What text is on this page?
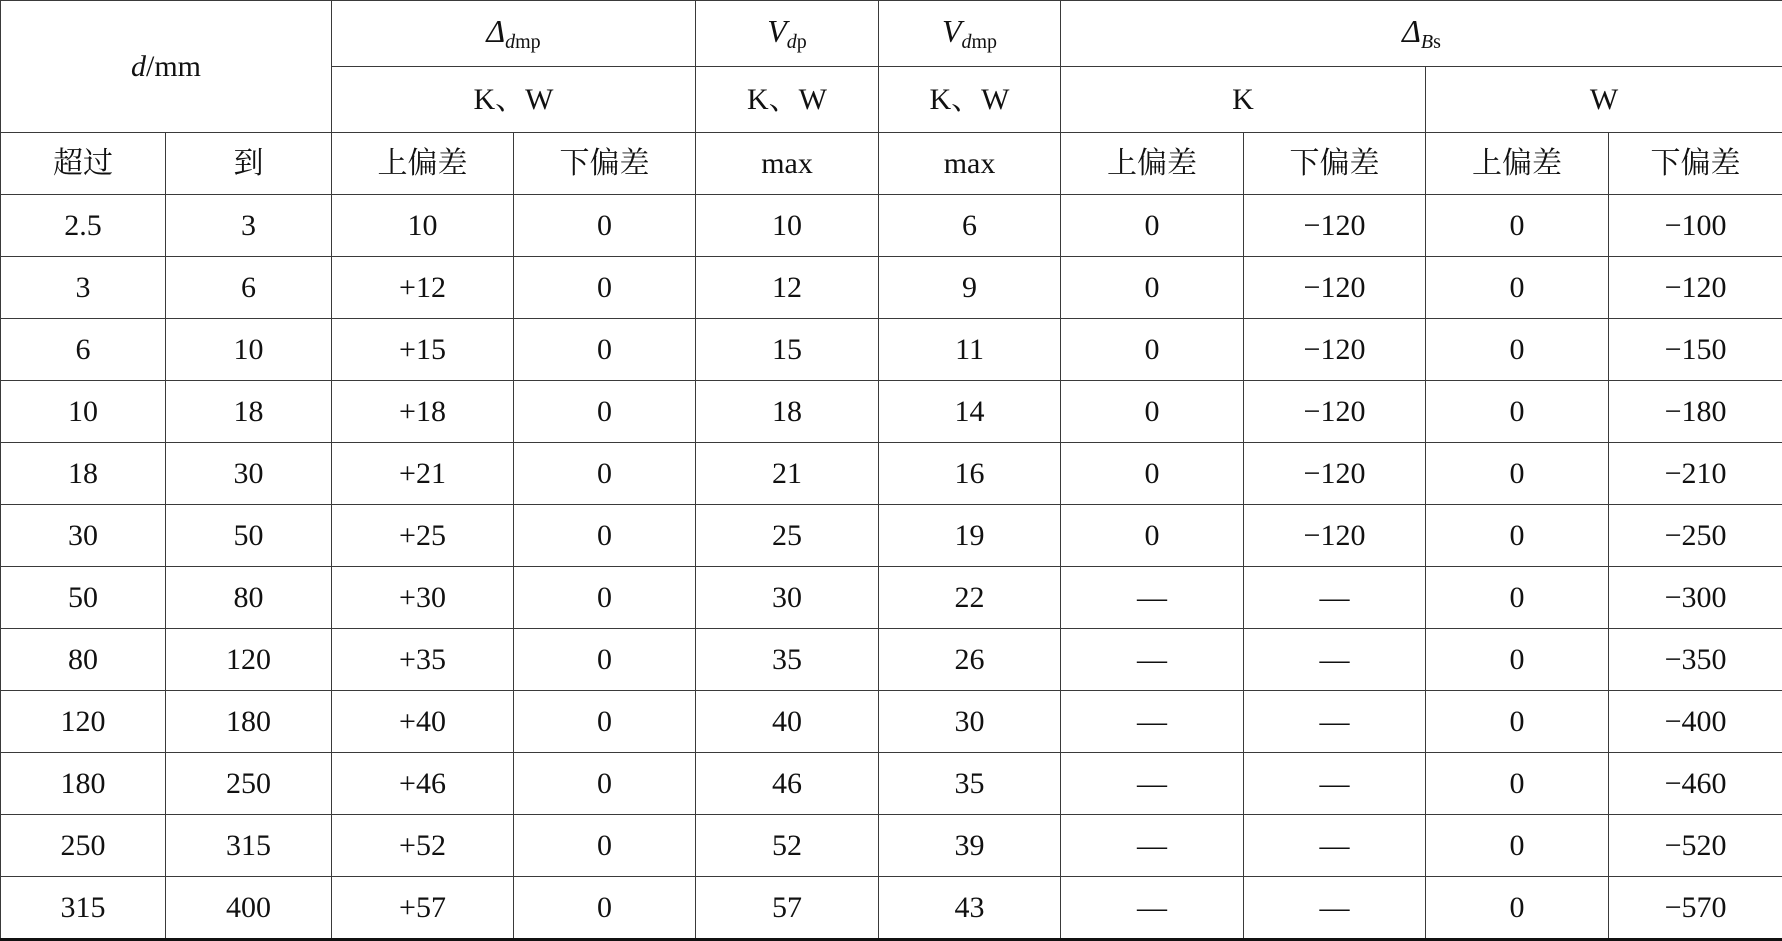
d/mm		$\Delta_{dmp}$		$V_{dp}$	$V_{dmp}$	$\Delta_{Bs}$
		K、W		K、W	K、W	K		W	
超过	到	上偏差	下偏差	max	max	上偏差	下偏差	上偏差	下偏差
2.5	3	10	0	10	6	0	−120	0	−100
3	6	+12	0	12	9	0	−120	0	−120
6	10	+15	0	15	11	0	−120	0	−150
10	18	+18	0	18	14	0	−120	0	−180
18	30	+21	0	21	16	0	−120	0	−210
30	50	+25	0	25	19	0	−120	0	−250
50	80	+30	0	30	22	—	—	0	−300
80	120	+35	0	35	26	—	—	0	−350
120	180	+40	0	40	30	—	—	0	−400
180	250	+46	0	46	35	—	—	0	−460
250	315	+52	0	52	39	—	—	0	−520
315	400	+57	0	57	43	—	—	0	−570
